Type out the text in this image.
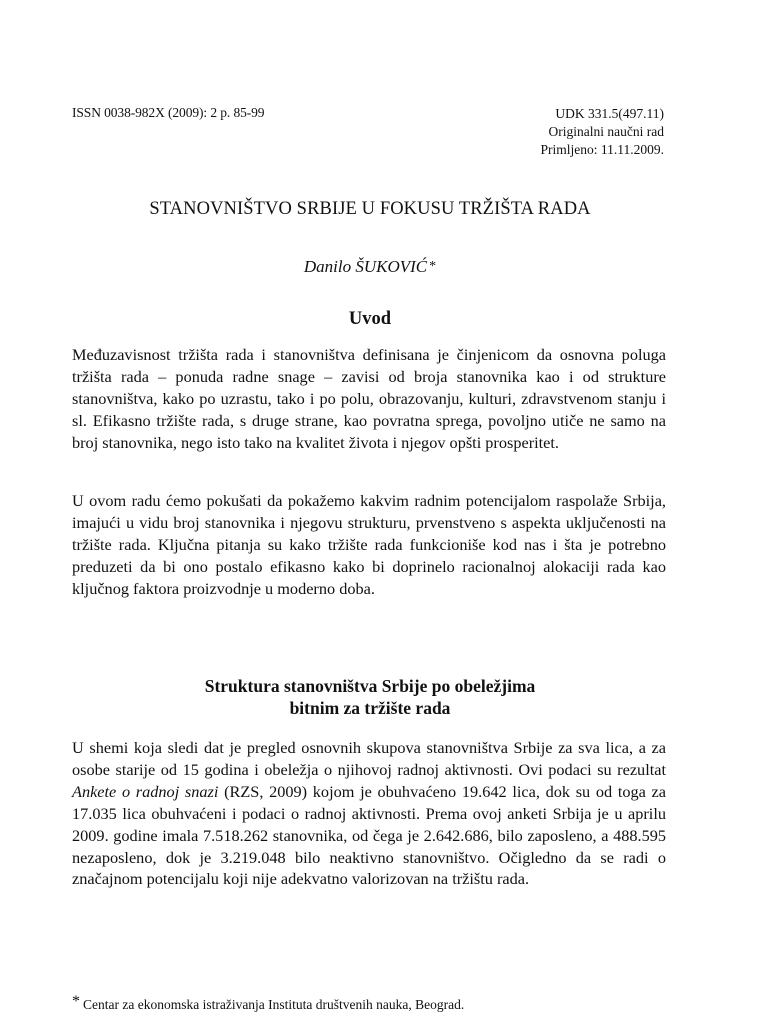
ISSN 0038-982X (2009): 2 p. 85-99	UDK 331.5(497.11)
Originalni naučni rad
Primljeno: 11.11.2009.
STANOVNIŠTVO SRBIJE U FOKUSU TRŽIŠTA RADA
Danilo ŠUKOVIĆ *
Uvod

Međuzavisnost tržišta rada i stanovništva definisana je činjenicom da osnovna poluga tržišta rada – ponuda radne snage – zavisi od broja stanovnika kao i od strukture stanovništva, kako po uzrastu, tako i po polu, obrazovanju, kulturi, zdravstvenom stanju i sl. Efikasno tržište rada, s druge strane, kao povratna sprega, povoljno utiče ne samo na broj stanovnika, nego isto tako na kvalitet života i njegov opšti prosperitet.

U ovom radu ćemo pokušati da pokažemo kakvim radnim potencijalom raspolaže Srbija, imajući u vidu broj stanovnika i njegovu strukturu, prvenstveno s aspekta uključenosti na tržište rada. Ključna pitanja su kako tržište rada funkcioniše kod nas i šta je potrebno preduzeti da bi ono postalo efikasno kako bi doprinelo racionalnoj alokaciji rada kao ključnog faktora proizvodnje u moderno doba.

Struktura stanovništva Srbije po obeležjima
bitnim za tržište rada

U shemi koja sledi dat je pregled osnovnih skupova stanovništva Srbije za sva lica, a za osobe starije od 15 godina i obeležja o njihovoj radnoj aktivnosti. Ovi podaci su rezultat Ankete o radnoj snazi (RZS, 2009) kojom je obuhvaćeno 19.642 lica, dok su od toga za 17.035 lica obuhvaćeni i podaci o radnoj aktivnosti. Prema ovoj anketi Srbija je u aprilu 2009. godine imala 7.518.262 stanovnika, od čega je 2.642.686, bilo zaposleno, a 488.595 nezaposleno, dok je 3.219.048 bilo neaktivno stanovništvo. Očigledno da se radi o značajnom potencijalu koji nije adekvatno valorizovan na tržištu rada.

* Centar za ekonomska istraživanja Instituta društvenih nauka, Beograd.
